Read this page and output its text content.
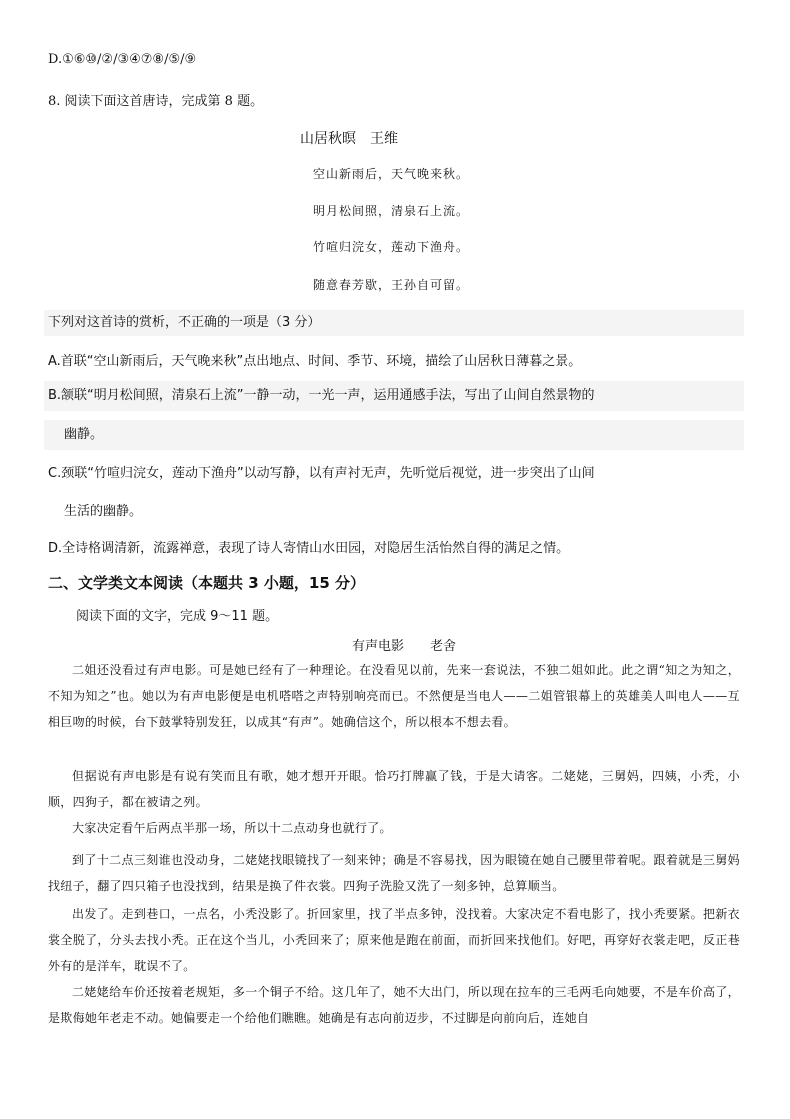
D.①⑥⑩/②/③④⑦⑧/⑤/⑨
8. 阅读下面这首唐诗，完成第 8 题。
山居秋暝　王维
空山新雨后，天气晚来秋。
明月松间照，清泉石上流。
竹喧归浣女，莲动下渔舟。
随意春芳歇，王孙自可留。
下列对这首诗的赏析，不正确的一项是（3 分）
A.首联“空山新雨后，天气晚来秋”点出地点、时间、季节、环境，描绘了山居秋日薄暮之景。
B.颔联“明月松间照，清泉石上流”一静一动，一光一声，运用通感手法，写出了山间自然景物的
幽静。
C.颈联“竹喧归浣女，莲动下渔舟”以动写静，以有声衬无声，先听觉后视觉，进一步突出了山间
生活的幽静。
D.全诗格调清新，流露禅意，表现了诗人寄情山水田园，对隐居生活怡然自得的满足之情。
二、文学类文本阅读（本题共 3 小题，15 分）
阅读下面的文字，完成 9～11 题。
有声电影　　老舍
二姐还没看过有声电影。可是她已经有了一种理论。在没看见以前，先来一套说法，不独二姐如此。此之谓“知之为知之，不知为知之”也。她以为有声电影便是电机嗒嗒之声特别响亮而已。不然便是当电人——二姐管银幕上的英雄美人叫电人——互相巨吻的时候，台下鼓掌特别发狂，以成其“有声”。她确信这个，所以根本不想去看。
但据说有声电影是有说有笑而且有歌，她才想开开眼。恰巧打牌赢了钱，于是大请客。二姥姥，三舅妈，四姨，小秃，小顺，四狗子，都在被请之列。
大家决定看午后两点半那一场，所以十二点动身也就行了。
到了十二点三刻谁也没动身，二姥姥找眼镜找了一刻来钟；确是不容易找，因为眼镜在她自己腰里带着呢。跟着就是三舅妈找纽子，翻了四只箱子也没找到，结果是换了件衣裳。四狗子洗脸又洗了一刻多钟，总算顺当。
出发了。走到巷口，一点名，小秃没影了。折回家里，找了半点多钟，没找着。大家决定不看电影了，找小秃要紧。把新衣裳全脱了，分头去找小秃。正在这个当儿，小秃回来了；原来他是跑在前面，而折回来找他们。好吧，再穿好衣裳走吧，反正巷外有的是洋车，耽误不了。
二姥姥给车价还按着老规矩，多一个铜子不给。这几年了，她不大出门，所以现在拉车的三毛两毛向她要，不是车价高了，是欺侮她年老走不动。她偏要走一个给他们瞧瞧。她确是有志向前迈步，不过脚是向前向后，连她自
